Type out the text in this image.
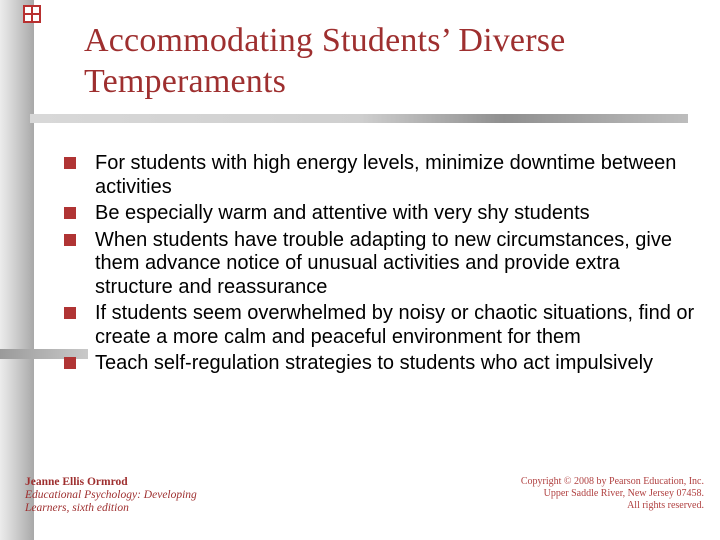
Accommodating Students’ Diverse Temperaments
For students with high energy levels, minimize downtime between activities
Be especially warm and attentive with very shy students
When students have trouble adapting to new circumstances, give them advance notice of unusual activities and provide extra structure and reassurance
If students seem overwhelmed by noisy or chaotic situations, find or create a more calm and peaceful environment for them
Teach self-regulation strategies to students who act impulsively
Jeanne Ellis Ormrod
Educational Psychology: Developing Learners, sixth edition
Copyright © 2008 by Pearson Education, Inc.
Upper Saddle River, New Jersey 07458.
All rights reserved.
